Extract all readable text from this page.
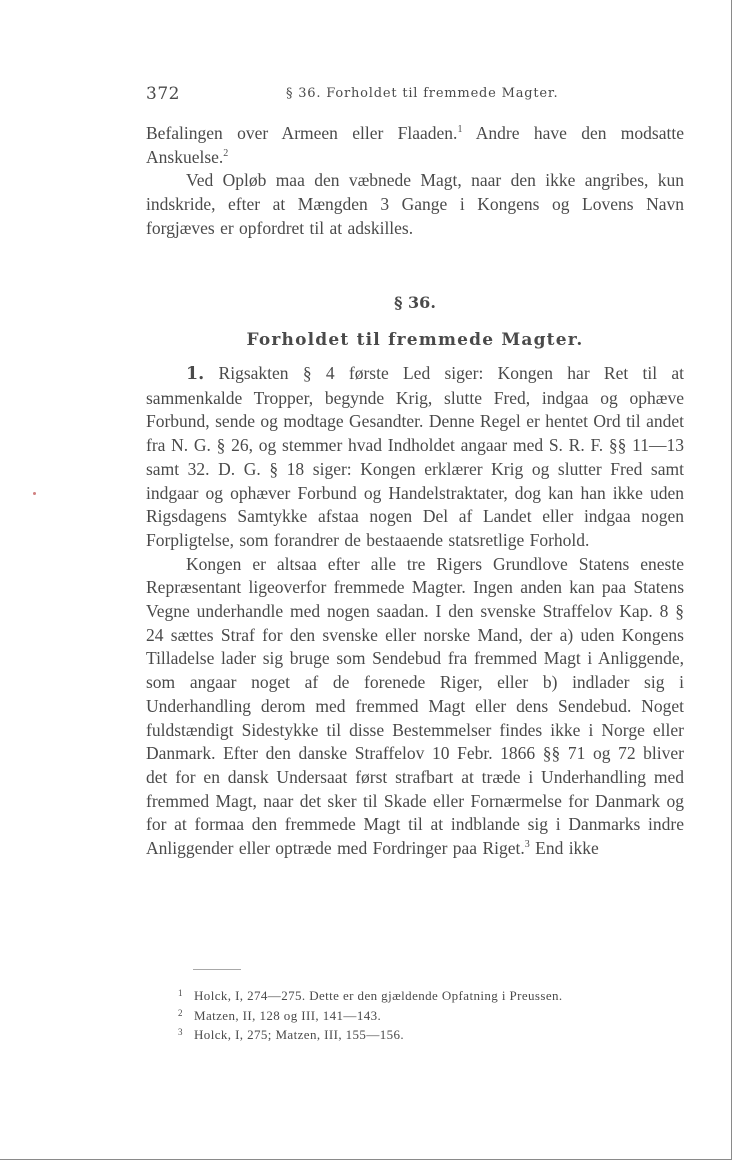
372	§ 36. Forholdet til fremmede Magter.

Befalingen over Armeen eller Flaaden.$^1$ Andre have den modsatte Anskuelse.$^2$

Ved Opløb maa den væbnede Magt, naar den ikke angribes, kun indskride, efter at Mængden 3 Gange i Kongens og Lovens Navn forgjæves er opfordret til at adskilles.

§ 36.
Forholdet til fremmede Magter.

1. Rigsakten § 4 første Led siger: Kongen har Ret til at sammenkalde Tropper, begynde Krig, slutte Fred, indgaa og ophæve Forbund, sende og modtage Gesandter. Denne Regel er hentet Ord til andet fra N. G. § 26, og stemmer hvad Indholdet angaar med S. R. F. §§ 11—13 samt 32. D. G. § 18 siger: Kongen erklærer Krig og slutter Fred samt indgaar og ophæver Forbund og Handelstraktater, dog kan han ikke uden Rigsdagens Samtykke afstaa nogen Del af Landet eller indgaa nogen Forpligtelse, som forandrer de bestaaende statsretlige Forhold.

Kongen er altsaa efter alle tre Rigers Grundlove Statens eneste Repræsentant ligeoverfor fremmede Magter. Ingen anden kan paa Statens Vegne underhandle med nogen saadan. I den svenske Straffelov Kap. 8 § 24 sættes Straf for den svenske eller norske Mand, der a) uden Kongens Tilladelse lader sig bruge som Sendebud fra fremmed Magt i Anliggende, som angaar noget af de forenede Riger, eller b) indlader sig i Underhandling derom med fremmed Magt eller dens Sendebud. Noget fuldstændigt Sidestykke til disse Bestemmelser findes ikke i Norge eller Danmark. Efter den danske Straffelov 10 Febr. 1866 §§ 71 og 72 bliver det for en dansk Undersaat først strafbart at træde i Underhandling med fremmed Magt, naar det sker til Skade eller Fornærmelse for Danmark og for at formaa den fremmede Magt til at indblande sig i Danmarks indre Anliggender eller optræde med Fordringer paa Riget.$^3$ End ikke

1 Holck, I, 274—275. Dette er den gjældende Opfatning i Preussen.
2 Matzen, II, 128 og III, 141—143.
3 Holck, I, 275; Matzen, III, 155—156.
